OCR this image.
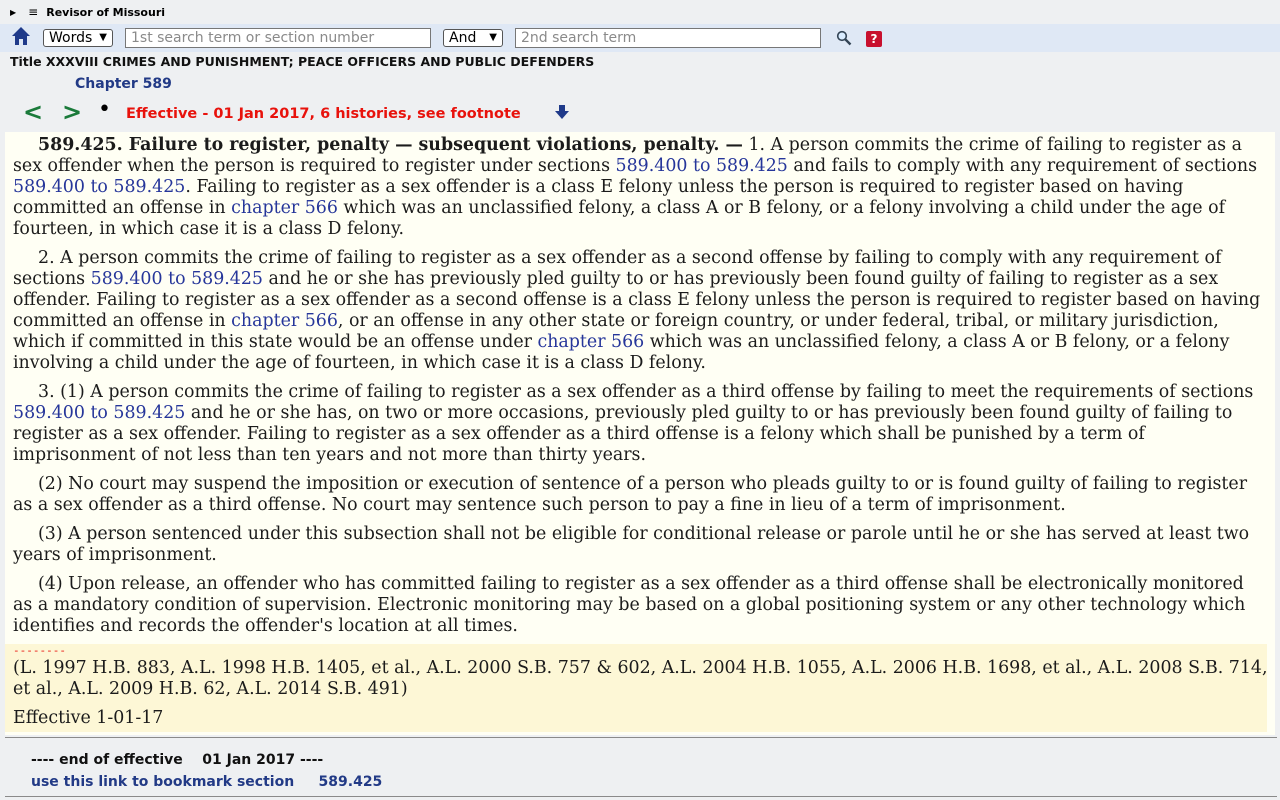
▶ ≡ Revisor of Missouri
Words ▼ 1st search term or section number	And ▼ 2nd search term	?
Title XXXVIII CRIMES AND PUNISHMENT; PEACE OFFICERS AND PUBLIC DEFENDERS
Chapter 589
< > • Effective - 01 Jan 2017, 6 histories, see footnote

589.425. Failure to register, penalty — subsequent violations, penalty. — 1. A person commits the crime of failing to register as a sex offender when the person is required to register under sections 589.400 to 589.425 and fails to comply with any requirement of sections 589.400 to 589.425. Failing to register as a sex offender is a class E felony unless the person is required to register based on having committed an offense in chapter 566 which was an unclassified felony, a class A or B felony, or a felony involving a child under the age of fourteen, in which case it is a class D felony.

2. A person commits the crime of failing to register as a sex offender as a second offense by failing to comply with any requirement of sections 589.400 to 589.425 and he or she has previously pled guilty to or has previously been found guilty of failing to register as a sex offender. Failing to register as a sex offender as a second offense is a class E felony unless the person is required to register based on having committed an offense in chapter 566, or an offense in any other state or foreign country, or under federal, tribal, or military jurisdiction, which if committed in this state would be an offense under chapter 566 which was an unclassified felony, a class A or B felony, or a felony involving a child under the age of fourteen, in which case it is a class D felony.

3. (1) A person commits the crime of failing to register as a sex offender as a third offense by failing to meet the requirements of sections 589.400 to 589.425 and he or she has, on two or more occasions, previously pled guilty to or has previously been found guilty of failing to register as a sex offender. Failing to register as a sex offender as a third offense is a felony which shall be punished by a term of imprisonment of not less than ten years and not more than thirty years.

(2) No court may suspend the imposition or execution of sentence of a person who pleads guilty to or is found guilty of failing to register as a sex offender as a third offense. No court may sentence such person to pay a fine in lieu of a term of imprisonment.

(3) A person sentenced under this subsection shall not be eligible for conditional release or parole until he or she has served at least two years of imprisonment.

(4) Upon release, an offender who has committed failing to register as a sex offender as a third offense shall be electronically monitored as a mandatory condition of supervision. Electronic monitoring may be based on a global positioning system or any other technology which identifies and records the offender's location at all times.

--------
(L. 1997 H.B. 883, A.L. 1998 H.B. 1405, et al., A.L. 2000 S.B. 757 & 602, A.L. 2004 H.B. 1055, A.L. 2006 H.B. 1698, et al., A.L. 2008 S.B. 714, et al., A.L. 2009 H.B. 62, A.L. 2014 S.B. 491)
Effective 1-01-17
---- end of effective    01 Jan 2017 ----
use this link to bookmark section     589.425
